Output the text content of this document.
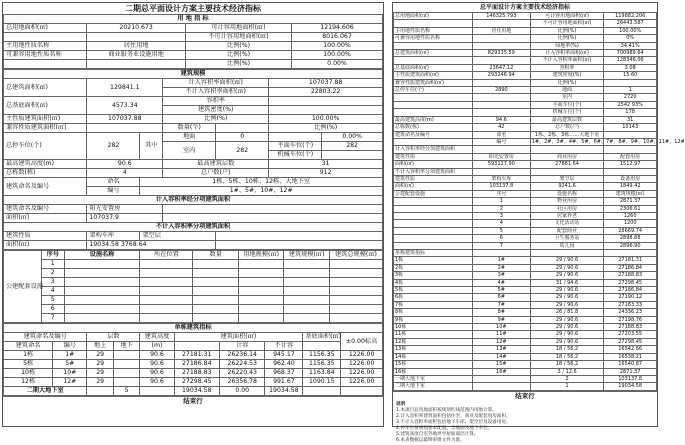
二期总平面设计方案主要技术经济指标
用 地 指 标			
总用地面积(㎡)	20210.673	可计容用地面积(㎡)	12194.606
		不可计容用地面积(㎡)	8016.067
主用地性质名称	居住用地	比例(%)	100.00%
可兼容用地性质名称	商业服务业设施用地	比例(%)	100.00%
		比例(%)	0.00%
建筑规模						
总建筑面积(㎡)	129841.1		计入容积率面积(㎡)		107037.88	
			不计入容积率面积(㎡)		22803.22	
总基底面积(㎡)	4573.34		容积率			
			建筑密度(%)			
主性质建筑面积(㎡)	107037.88		比例(%)		100.00%	
兼容性质建筑面积(㎡)			数量(个)		比例(%)	
总停车位(个)	282	其中	地面	0		0.00%
			室内	282	平面车位(个)	282
					机械车位(个)	
最高建筑高度(m)	90.6		最高建筑层数		31	
总栋数(栋)	4		总户数(户)		912	
建筑命名及编号	命名	1栋、5栋、10栋、12栋、大地下室				
	编号	1#、5#、10#、12#				
计入容积率经分项建筑面积						
建筑命名及编号	阳光安置房					
面积(㎡)	107037.9					
不计入容积率分项建筑面积						
建筑性质	架构车库	架空层				
面积(㎡)	19034.58 3768.64					
公建配套设施	序号	设施名称	所在位置	数量	用地规模(㎡)	建筑规模(㎡)	建筑总规模(㎡)
	1						
	2						
	3						
	4						
	5						
	6						
	7						
单栋建筑指标									
建筑命名及编号		层数		建筑高度	建筑面积(㎡)			基底面积(㎡)	±0.00标高
建筑命名	编号	地上	地下	(m)		计容	不计容		
1栋	1#	29		90.6	27181.31	26236.14	945.17	1156.35	1226.00
5栋	5#	29		90.6	27186.84	26224.53	962.40	1156.35	1226.00
10栋	10#	29		90.6	27188.83	26220.43	968.37	1163.84	1226.00
12栋	12#	29		90.6	27298.45	26356.78	991.67	1090.15	1226.00
二期大地下室			5		19034.58	0.00	19034.58		
结束行
总平面设计方案主要技术经济指标
总用地面积(㎡)	146325.793	可计容用地面积(㎡)	119882.206
		不可计容用地面积(㎡)	26443.587
主用地性质名称	居住用地	比例(%)	100.00%
可兼容用地性质名称		比例(%)	0%
		绿地率(%)	34.41%
总建筑面积(㎡)	829335.59	计入容积率面积(㎡)	700989.64
		不计入容积率面积(㎡)	128346.06
总基底面积(㎡)	23647.12	容积率	3.08
主性质建筑面积(㎡)	293246.94	建筑密度(%)	15.60
兼容性质建筑面积(㎡)		比例(%)	
总停车位(个)	2890	地面	1
		室内	2720
		平面车位(个)	2542 93%
		机械车位(个)	178
最高建筑高度(m)	94.6	最高建筑层数	31
总栋数(栋)	42	总户数(户)	10143
建筑命名及编号	命名	1栋、2栋、3栋……大地下室	
	编号	1#、2#、3#、4#、5#、6#、7#、8#、9#、10#、11#、12#	
计入容积率经分项建筑面积			
建筑性质	阳光安置房	商业用房	配套用房
面积(㎡)	593127.90	27881.64	1512.97
不计入容积率分项建筑面积			
建筑性质	架构车库	架空层	设备用房
面积(㎡)	103137.8	9241.6	1849.42
公建配套设施	序号	设施名称	建筑规模(㎡)
	1	物业用房	2871.37
	2	社区用房	2306.61
	3	居家养老	1260
	4	文化活动站	1200
	5	配套商业	28669.74
	6	卫生服务站	2898.88
	7	幼儿园	2896.90
单栋建筑指标			
1栋	1#	29 / 90.6	27181.31
2栋	2#	29 / 90.6	27186.84
3栋	3#	29 / 90.6	27188.83
4栋	4#	31 / 94.6	27298.45
5栋	5#	29 / 90.6	27186.84
6栋	6#	29 / 90.6	27190.12
7栋	7#	29 / 90.6	27183.33
8栋	8#	26 / 81.8	24336.23
9栋	9#	29 / 90.6	27198.76
10栋	10#	29 / 90.6	27188.83
11栋	11#	29 / 90.6	27203.55
12栋	12#	29 / 90.6	27298.45
13栋	13#	18 / 56.2	16542.66
14栋	14#	18 / 56.2	16538.21
15栋	15#	18 / 56.2	16540.87
16栋	16#	3 / 12.6	2871.37
一期大地下室		2	103137.8
二期大地下室		1	19034.58
结束行
说明
1.本项目总用地面积按规划红线范围内用地计算。
2.计入容积率建筑面积包括住宅、商业及配套用房面积。
3.不计入容积率面积包括地下车库、架空层及设备用房。
4.停车位按规划要求配置，含地面及地下车位。
5.建筑高度自室外地坪至屋面面层计算。
6.本表数据以最终审批文件为准。
